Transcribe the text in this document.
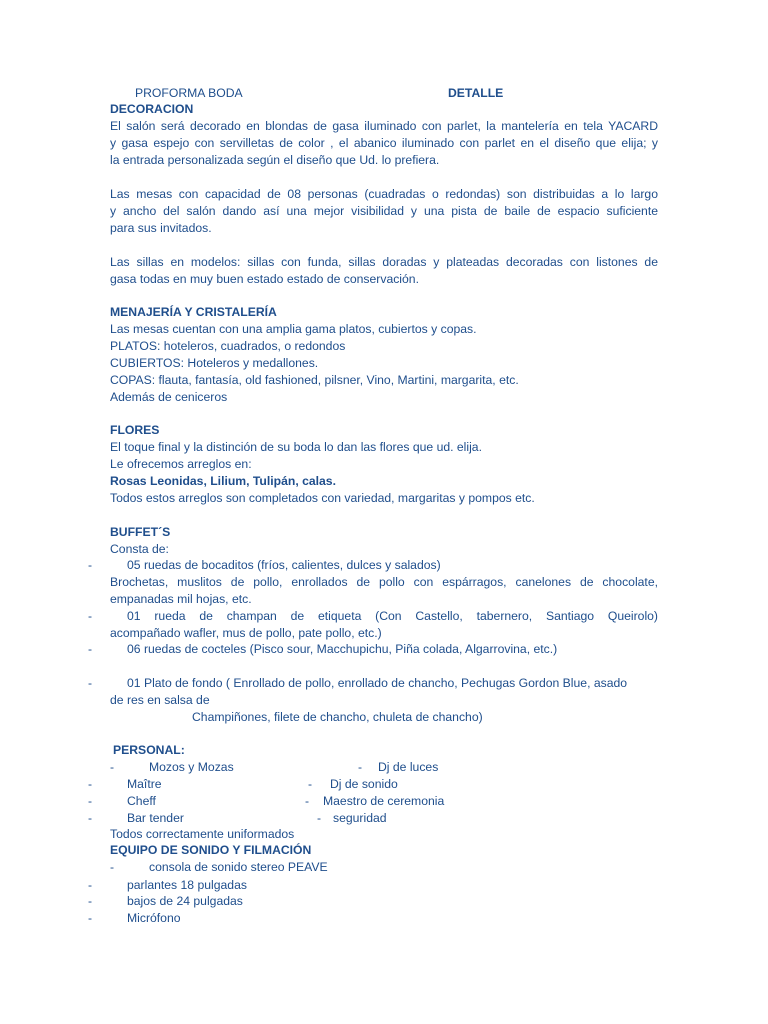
PROFORMA BODA	DETALLE
DECORACION
El salón será decorado en blondas de gasa iluminado con parlet, la mantelería en tela YACARD
y gasa espejo con servilletas de color , el abanico iluminado con parlet en el diseño que elija; y
la entrada personalizada según el diseño que Ud. lo prefiera.
Las mesas con capacidad de 08 personas (cuadradas o redondas) son distribuidas a lo largo
y ancho del salón dando así una mejor visibilidad y una pista de baile de espacio suficiente
para sus invitados.
Las sillas en modelos: sillas con funda, sillas doradas y plateadas decoradas con listones de
gasa todas en muy buen estado estado de conservación.
MENAJERÍA Y CRISTALERÍA
Las mesas cuentan con una amplia gama platos, cubiertos y copas.
PLATOS: hoteleros, cuadrados, o redondos
CUBIERTOS: Hoteleros y medallones.
COPAS: flauta, fantasía, old fashioned, pilsner, Vino, Martini, margarita, etc.
Además de ceniceros
FLORES
El toque final y la distinción de su boda lo dan las flores que ud. elija.
Le ofrecemos arreglos en:
Rosas Leonidas, Lilium, Tulipán, calas.
Todos estos arreglos son completados con variedad, margaritas y pompos etc.
BUFFET´S
Consta de:
-	05 ruedas de bocaditos (fríos, calientes, dulces y salados)
Brochetas, muslitos de pollo, enrollados de pollo con espárragos, canelones de chocolate,
empanadas mil hojas, etc.
-	01 rueda de champan de etiqueta (Con Castello, tabernero, Santiago Queirolo)
acompañado wafler, mus de pollo, pate pollo, etc.)
-	06 ruedas de cocteles (Pisco sour, Macchupichu, Piña colada, Algarrovina, etc.)
-	01 Plato de fondo ( Enrollado de pollo, enrollado de chancho, Pechugas Gordon Blue, asado
de res en salsa de
Champiñones, filete de chancho, chuleta de chancho)
PERSONAL:
-	Mozos y Mozas	- Dj de luces
-	Maître	- Dj de sonido
-	Cheff	- Maestro de ceremonia
-	Bar tender	- seguridad
Todos correctamente uniformados
EQUIPO DE SONIDO Y FILMACIÓN
-	consola de sonido stereo PEAVE
-	parlantes 18 pulgadas
-	bajos de 24 pulgadas
-	Micrófono
